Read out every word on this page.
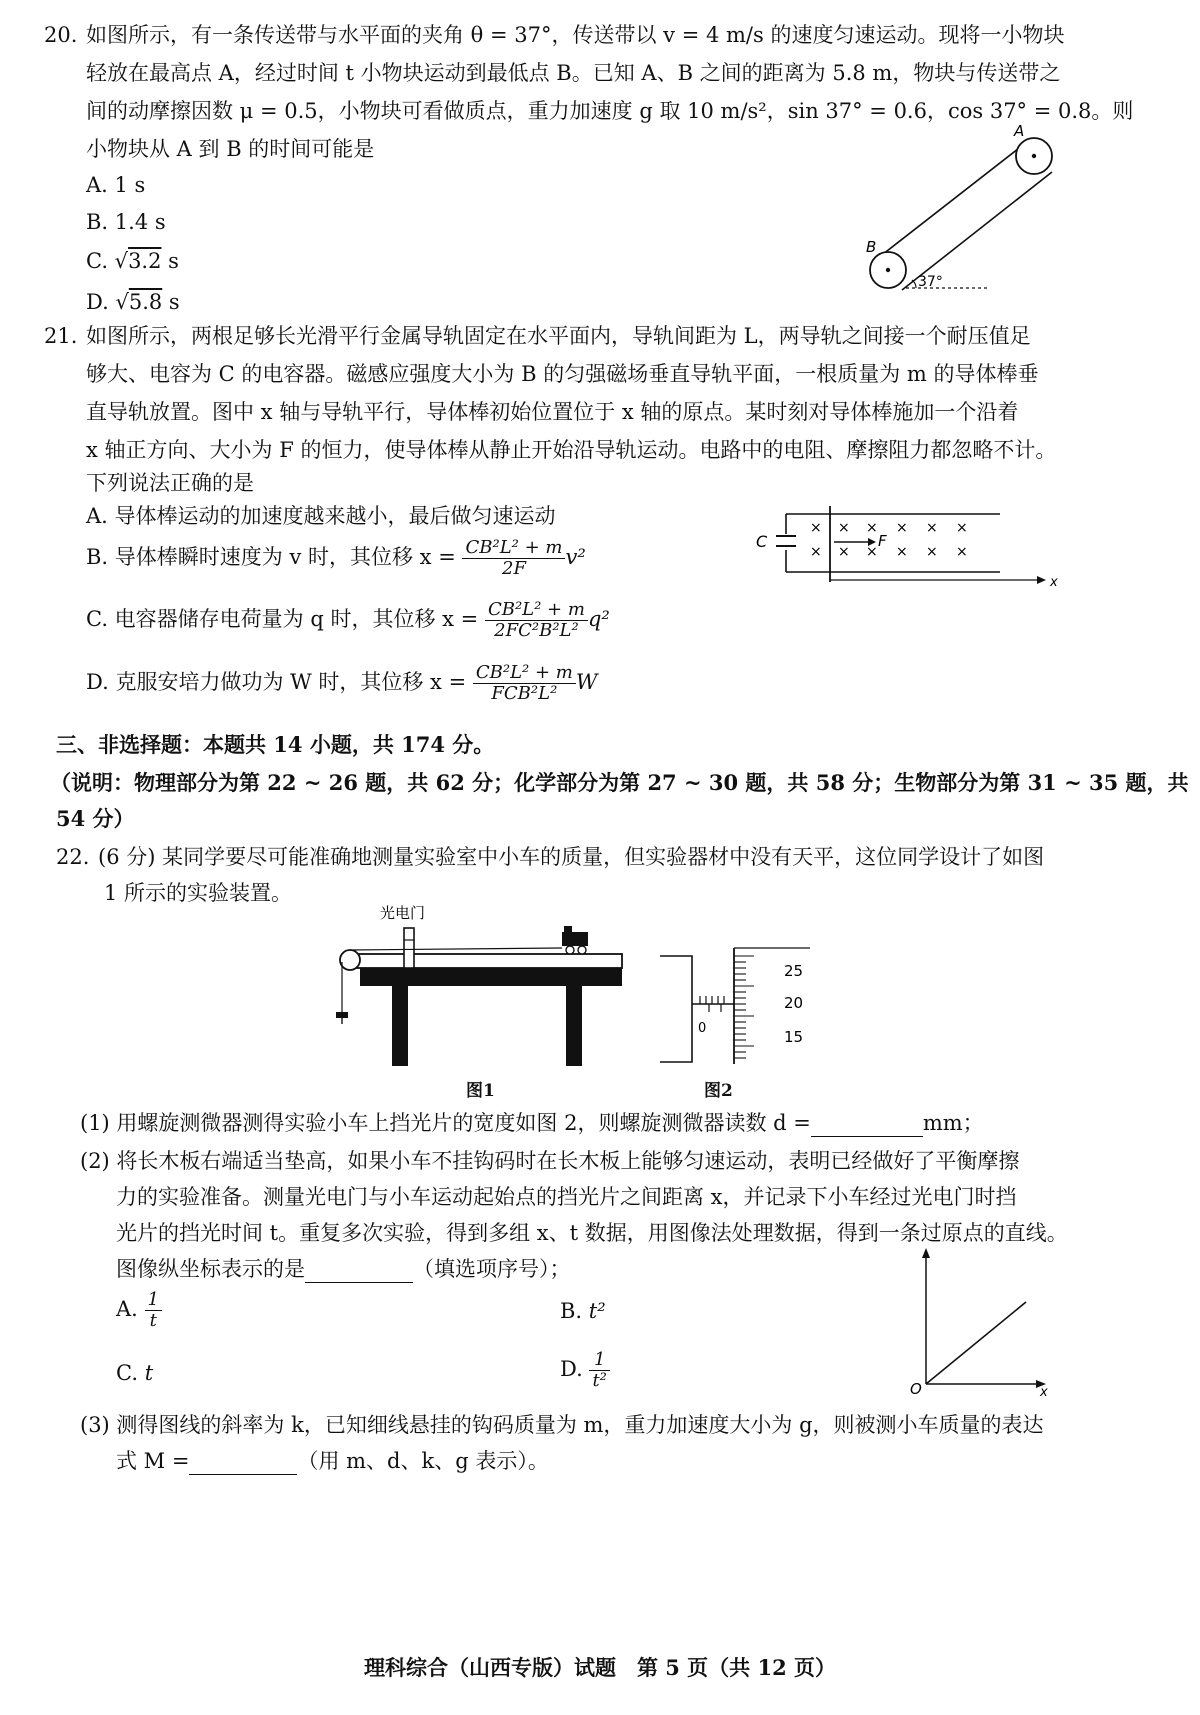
20. 如图所示，有一条传送带与水平面的夹角 θ = 37°，传送带以 v = 4 m/s 的速度匀速运动。现将一小物块
轻放在最高点 A，经过时间 t 小物块运动到最低点 B。已知 A、B 之间的距离为 5.8 m，物块与传送带之
间的动摩擦因数 μ = 0.5，小物块可看做质点，重力加速度 g 取 10 m/s²，sin 37° = 0.6，cos 37° = 0.8。则
小物块从 A 到 B 的时间可能是
A. 1 s
B. 1.4 s
C. √3.2 s
D. √5.8 s
37°
A
B
21. 如图所示，两根足够长光滑平行金属导轨固定在水平面内，导轨间距为 L，两导轨之间接一个耐压值足
够大、电容为 C 的电容器。磁感应强度大小为 B 的匀强磁场垂直导轨平面，一根质量为 m 的导体棒垂
直导轨放置。图中 x 轴与导轨平行，导体棒初始位置位于 x 轴的原点。某时刻对导体棒施加一个沿着
x 轴正方向、大小为 F 的恒力，使导体棒从静止开始沿导轨运动。电路中的电阻、摩擦阻力都忽略不计。
下列说法正确的是
A. 导体棒运动的加速度越来越小，最后做匀速运动
B. 导体棒瞬时速度为 v 时，其位移 $x = \frac{\text{CB²L² + m}}{2F} v^2$
C. 电容器储存电荷量为 q 时，其位移 $x = \frac{\text{CB²L² + m}}{\text{2FC²B²L²}} q^2$
D. 克服安培力做功为 W 时，其位移 $x = \frac{\text{CB²L² + m}}{\text{FCB²L²}}$ W
C
x
×
×
×
×
×
×
×
×
×
×
×
×
F
三、非选择题：本题共 14 小题，共 174 分。
（说明：物理部分为第 22 ~ 26 题，共 62 分；化学部分为第 27 ~ 30 题，共 58 分；生物部分为第 31 ~ 35 题，共
54 分）
22. (6 分) 某同学要尽可能准确地测量实验室中小车的质量，但实验器材中没有天平，这位同学设计了如图
1 所示的实验装置。
光电门
图1
0
25
20
15
图2
(1) 用螺旋测微器测得实验小车上挡光片的宽度如图 2，则螺旋测微器读数 d =	mm；
(2) 将长木板右端适当垫高，如果小车不挂钩码时在长木板上能够匀速运动，表明已经做好了平衡摩擦
力的实验准备。测量光电门与小车运动起始点的挡光片之间距离 x，并记录下小车经过光电门时挡
光片的挡光时间 t。重复多次实验，得到多组 x、t 数据，用图像法处理数据，得到一条过原点的直线。
图像纵坐标表示的是	（填选项序号）；
A. $\frac{1}{t}$	B. t²
C. t	D. $\frac{1}{\text{t²}}$	O	x
(3) 测得图线的斜率为 k，已知细线悬挂的钩码质量为 m，重力加速度大小为 g，则被测小车质量的表达
式 M =	（用 m、d、k、g 表示）。
理科综合（山西专版）试题　第 5 页（共 12 页）
